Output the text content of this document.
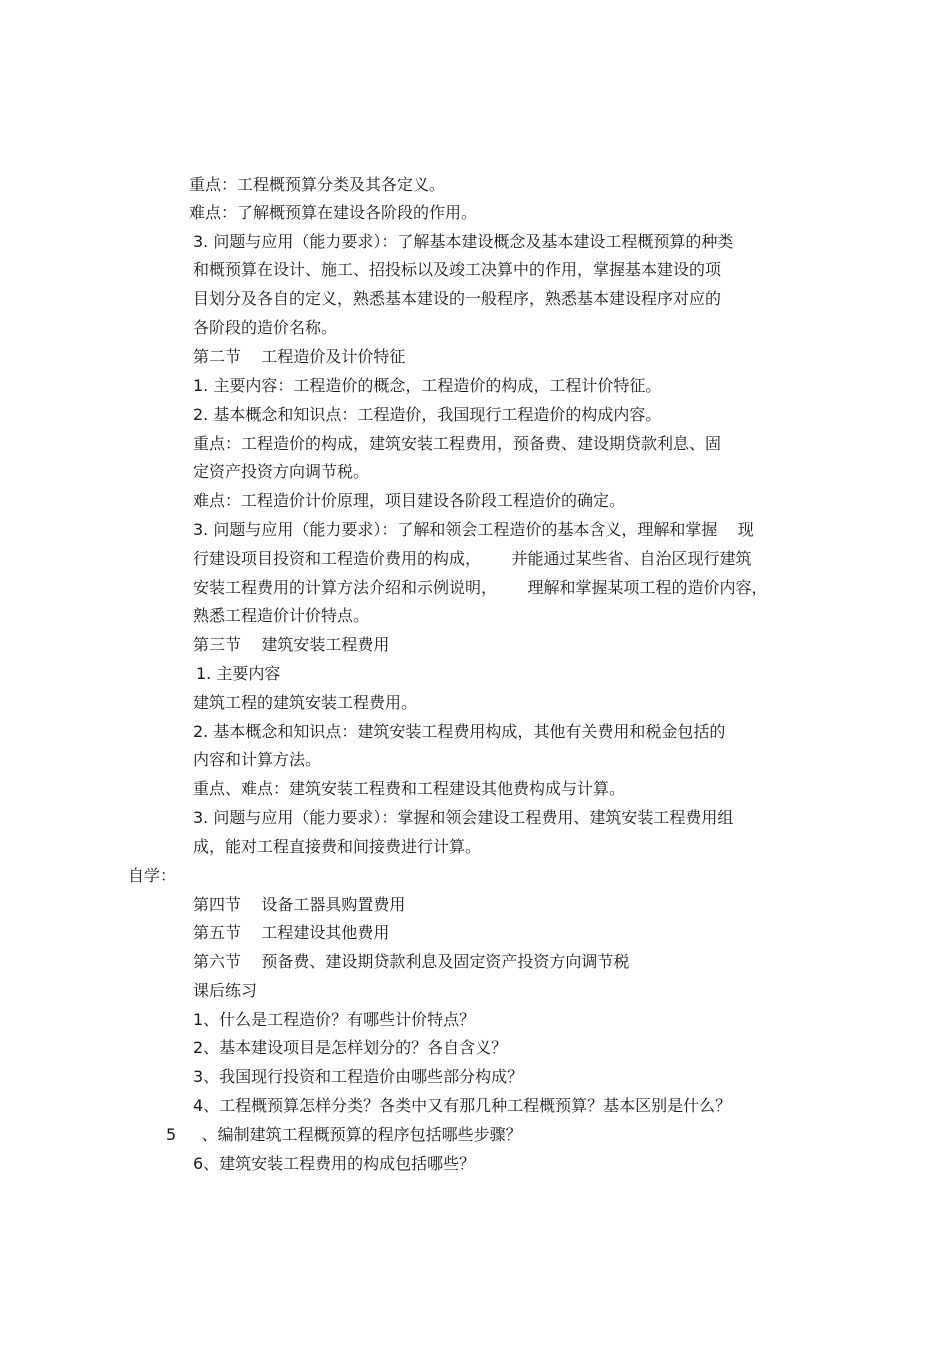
重点：工程概预算分类及其各定义。
难点：了解概预算在建设各阶段的作用。
3. 问题与应用（能力要求）：了解基本建设概念及基本建设工程概预算的种类
和概预算在设计、施工、招投标以及竣工决算中的作用，掌握基本建设的项
目划分及各自的定义，熟悉基本建设的一般程序，熟悉基本建设程序对应的
各阶段的造价名称。
第二节    工程造价及计价特征
1. 主要内容：工程造价的概念，工程造价的构成，工程计价特征。
2. 基本概念和知识点：工程造价，我国现行工程造价的构成内容。
重点：工程造价的构成，建筑安装工程费用，预备费、建设期贷款利息、固
定资产投资方向调节税。
难点：工程造价计价原理，项目建设各阶段工程造价的确定。
3. 问题与应用（能力要求）：了解和领会工程造价的基本含义，理解和掌握    现
行建设项目投资和工程造价费用的构成，      并能通过某些省、自治区现行建筑
安装工程费用的计算方法介绍和示例说明，      理解和掌握某项工程的造价内容，
熟悉工程造价计价特点。
第三节    建筑安装工程费用
1. 主要内容
建筑工程的建筑安装工程费用。
2. 基本概念和知识点：建筑安装工程费用构成，其他有关费用和税金包括的
内容和计算方法。
重点、难点：建筑安装工程费和工程建设其他费构成与计算。
3. 问题与应用（能力要求）：掌握和领会建设工程费用、建筑安装工程费用组
成，能对工程直接费和间接费进行计算。
自学：
第四节    设备工器具购置费用
第五节    工程建设其他费用
第六节    预备费、建设期贷款利息及固定资产投资方向调节税
课后练习
1、什么是工程造价？有哪些计价特点？
2、基本建设项目是怎样划分的？各自含义？
3、我国现行投资和工程造价由哪些部分构成？
4、工程概预算怎样分类？各类中又有那几种工程概预算？基本区别是什么？
5     、编制建筑工程概预算的程序包括哪些步骤？
6、建筑安装工程费用的构成包括哪些？
